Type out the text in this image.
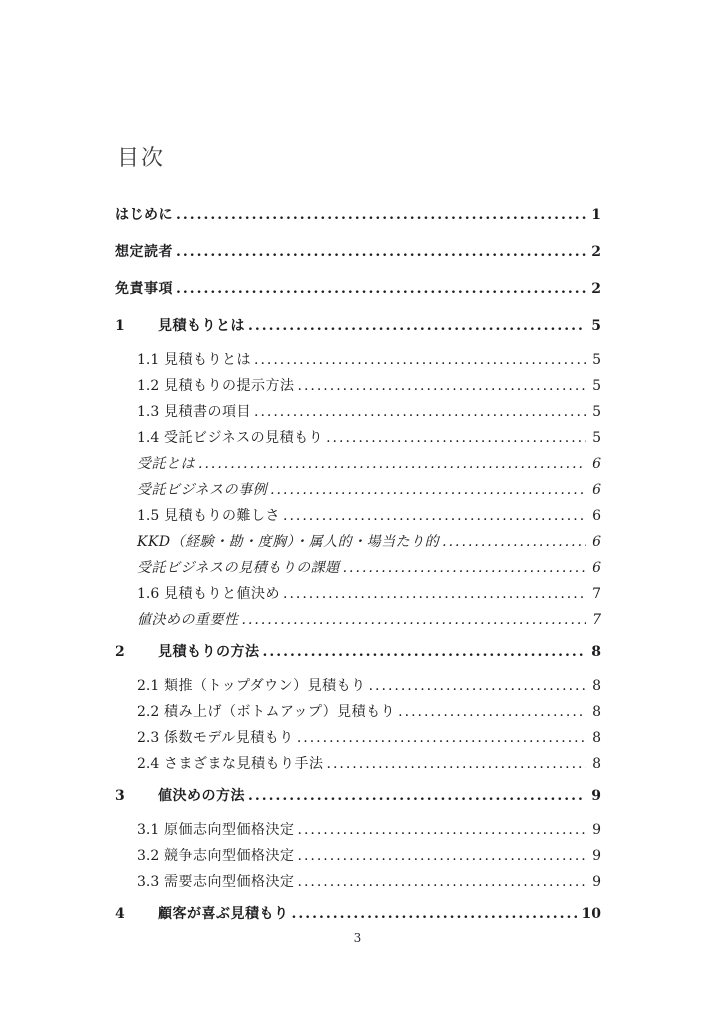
目次
はじめに .....	1
想定読者 .....	2
免責事項 .....	2
1	見積もりとは .....	5
1.1 見積もりとは .....	5
1.2 見積もりの提示方法 .....	5
1.3 見積書の項目 .....	5
1.4 受託ビジネスの見積もり .....	5
受託とは .....	6
受託ビジネスの事例 .....	6
1.5 見積もりの難しさ .....	6
KKD（経験・勘・度胸）・属人的・場当たり的 .....	6
受託ビジネスの見積もりの課題 .....	6
1.6 見積もりと値決め .....	7
値決めの重要性 .....	7
2	見積もりの方法 .....	8
2.1 類推（トップダウン）見積もり .....	8
2.2 積み上げ（ボトムアップ）見積もり .....	8
2.3 係数モデル見積もり .....	8
2.4 さまざまな見積もり手法 .....	8
3	値決めの方法 .....	9
3.1 原価志向型価格決定 .....	9
3.2 競争志向型価格決定 .....	9
3.3 需要志向型価格決定 .....	9
4	顧客が喜ぶ見積もり .....	10
3
